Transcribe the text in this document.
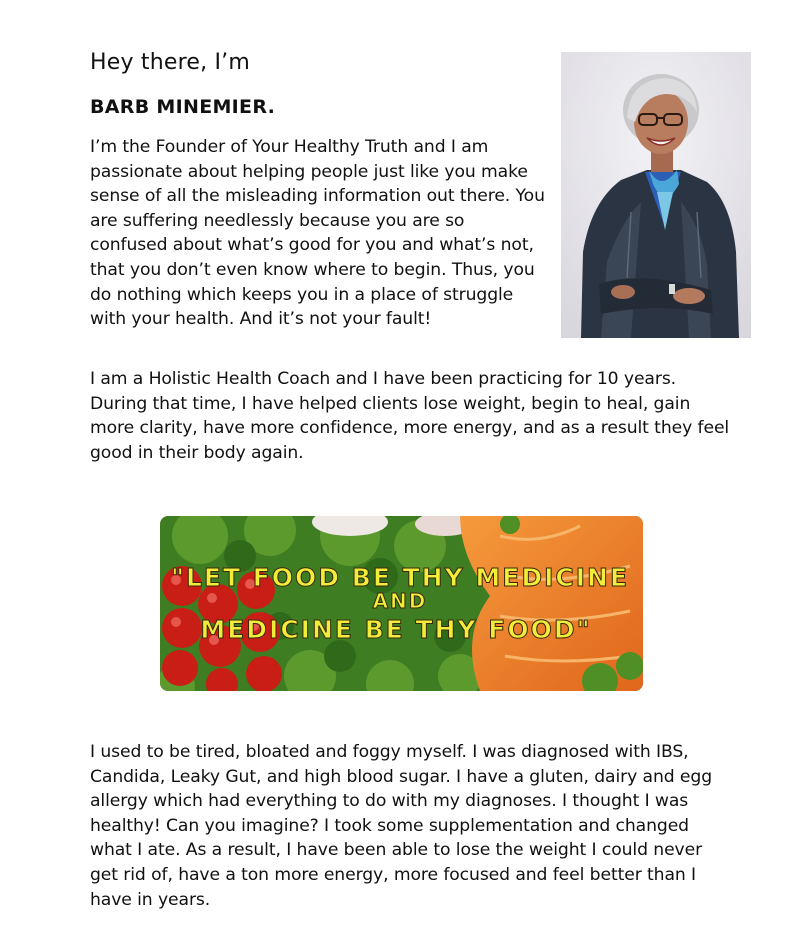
Hey there, I’m
BARB MINEMIER.

I’m the Founder of Your Healthy Truth and I am passionate about helping people just like you make sense of all the misleading information out there. You are suffering needlessly because you are so confused about what’s good for you and what’s not, that you don’t even know where to begin. Thus, you do nothing which keeps you in a place of struggle with your health. And it’s not your fault!

I am a Holistic Health Coach and I have been practicing for 10 years. During that time, I have helped clients lose weight, begin to heal, gain more clarity, have more confidence, more energy, and as a result they feel good in their body again.

"LET FOOD BE THY MEDICINE
AND
MEDICINE BE THY FOOD"

I used to be tired, bloated and foggy myself. I was diagnosed with IBS, Candida, Leaky Gut, and high blood sugar. I have a gluten, dairy and egg allergy which had everything to do with my diagnoses. I thought I was healthy! Can you imagine? I took some supplementation and changed what I ate. As a result, I have been able to lose the weight I could never get rid of, have a ton more energy, more focused and feel better than I have in years.
